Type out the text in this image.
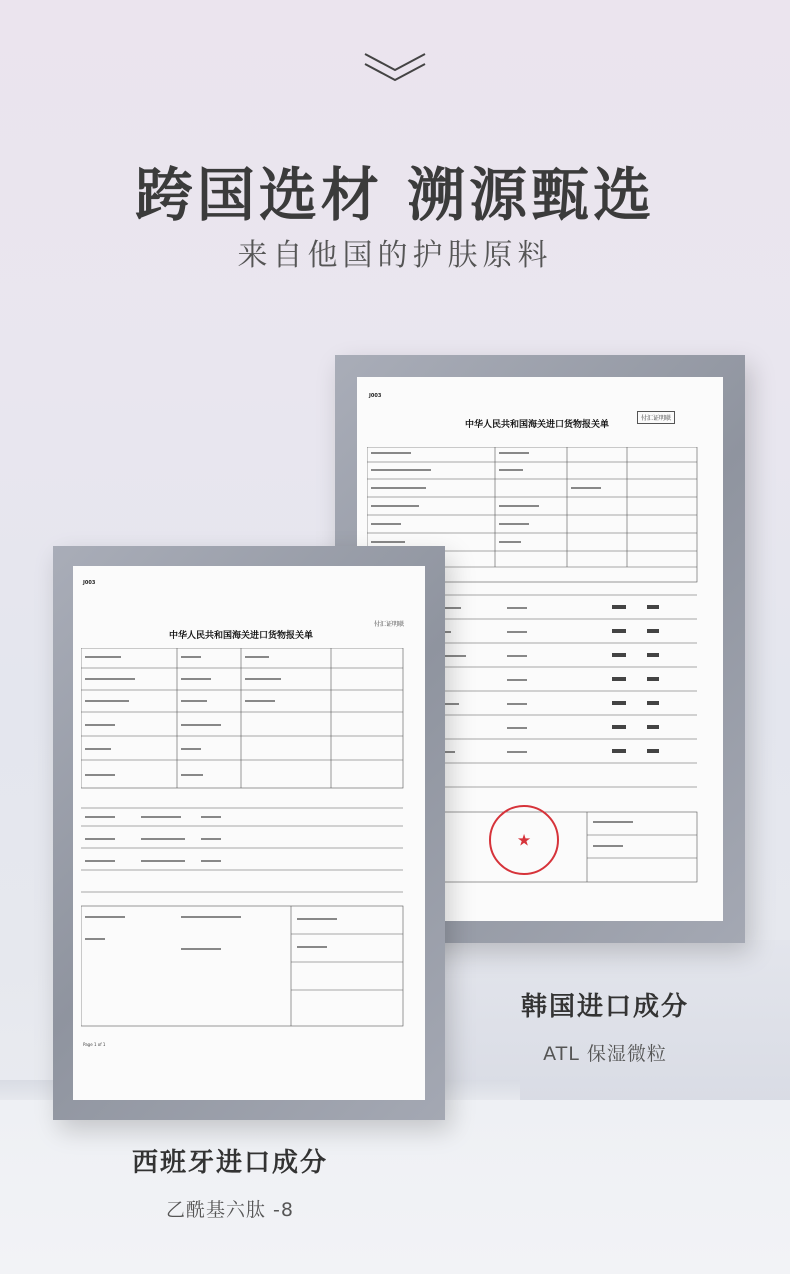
跨国选材 溯源甄选
来自他国的护肤原料
J003
中华人民共和国海关进口货物报关单
付汇证明联
★
J003
中华人民共和国海关进口货物报关单
付汇证明联
Page 1 of 1
韩国进口成分
ATL 保湿微粒
西班牙进口成分
乙酰基六肽 -8
